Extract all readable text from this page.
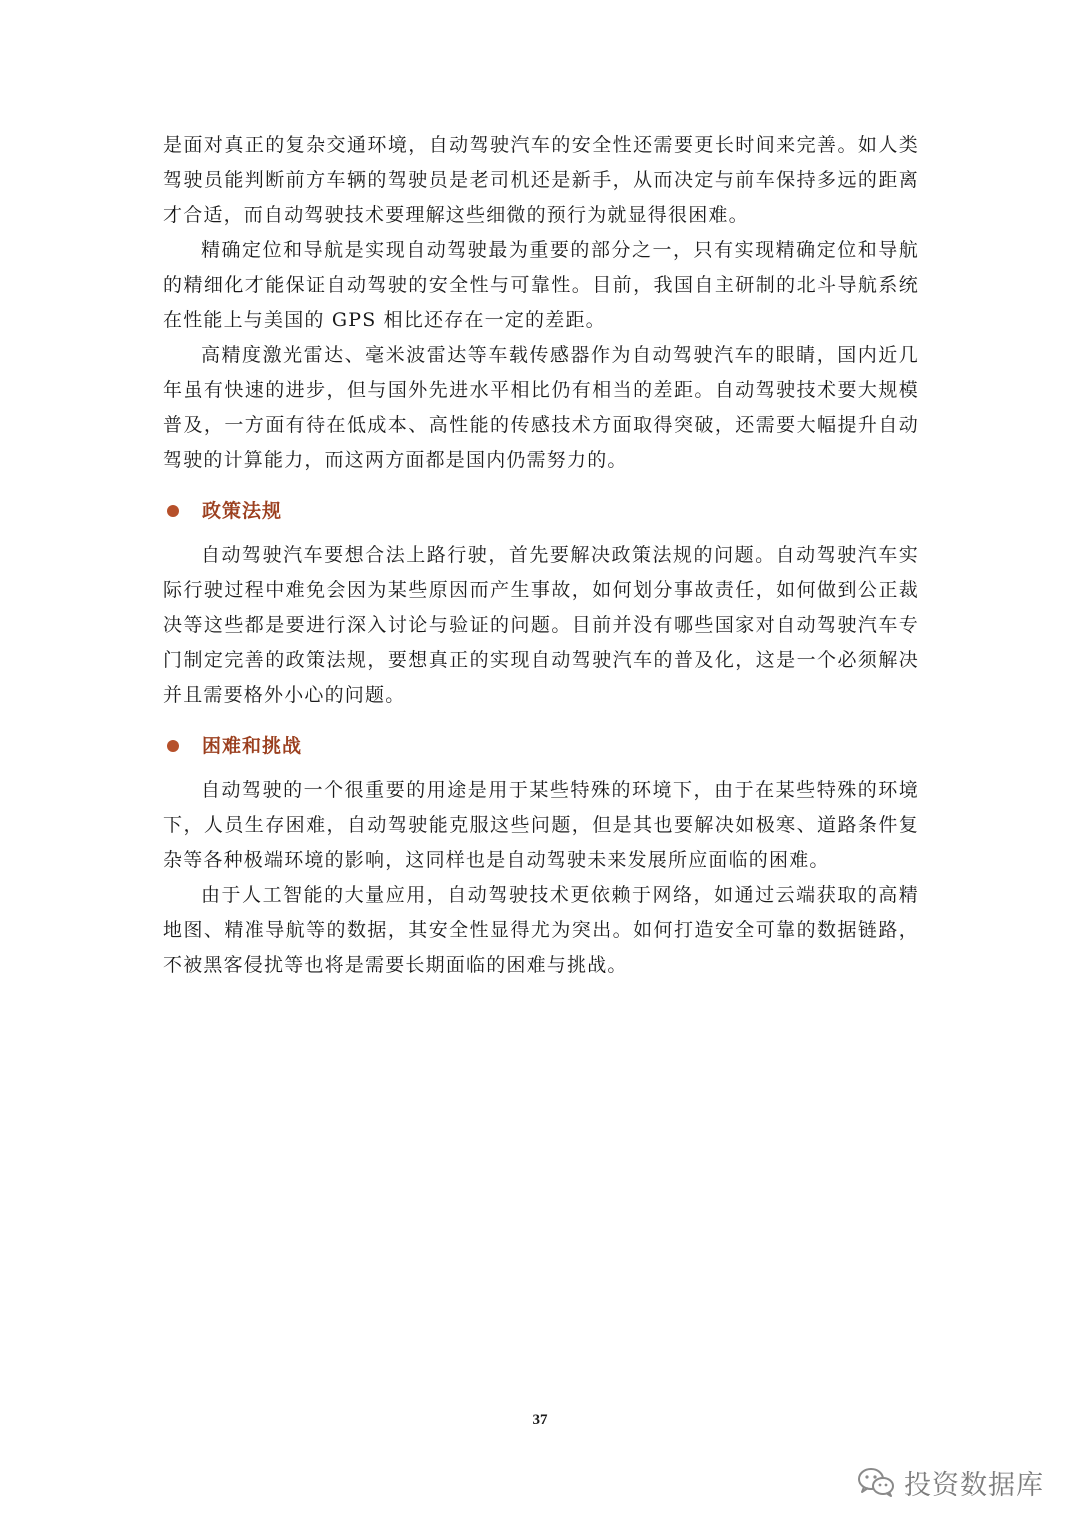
是面对真正的复杂交通环境，自动驾驶汽车的安全性还需要更长时间来完善。如人类驾驶员能判断前方车辆的驾驶员是老司机还是新手，从而决定与前车保持多远的距离才合适，而自动驾驶技术要理解这些细微的预行为就显得很困难。

精确定位和导航是实现自动驾驶最为重要的部分之一，只有实现精确定位和导航的精细化才能保证自动驾驶的安全性与可靠性。目前，我国自主研制的北斗导航系统在性能上与美国的 GPS 相比还存在一定的差距。

高精度激光雷达、毫米波雷达等车载传感器作为自动驾驶汽车的眼睛，国内近几年虽有快速的进步，但与国外先进水平相比仍有相当的差距。自动驾驶技术要大规模普及，一方面有待在低成本、高性能的传感技术方面取得突破，还需要大幅提升自动驾驶的计算能力，而这两方面都是国内仍需努力的。

政策法规

自动驾驶汽车要想合法上路行驶，首先要解决政策法规的问题。自动驾驶汽车实际行驶过程中难免会因为某些原因而产生事故，如何划分事故责任，如何做到公正裁决等这些都是要进行深入讨论与验证的问题。目前并没有哪些国家对自动驾驶汽车专门制定完善的政策法规，要想真正的实现自动驾驶汽车的普及化，这是一个必须解决并且需要格外小心的问题。

困难和挑战

自动驾驶的一个很重要的用途是用于某些特殊的环境下，由于在某些特殊的环境下，人员生存困难，自动驾驶能克服这些问题，但是其也要解决如极寒、道路条件复杂等各种极端环境的影响，这同样也是自动驾驶未来发展所应面临的困难。

由于人工智能的大量应用，自动驾驶技术更依赖于网络，如通过云端获取的高精地图、精准导航等的数据，其安全性显得尤为突出。如何打造安全可靠的数据链路，不被黑客侵扰等也将是需要长期面临的困难与挑战。

37
投资数据库
